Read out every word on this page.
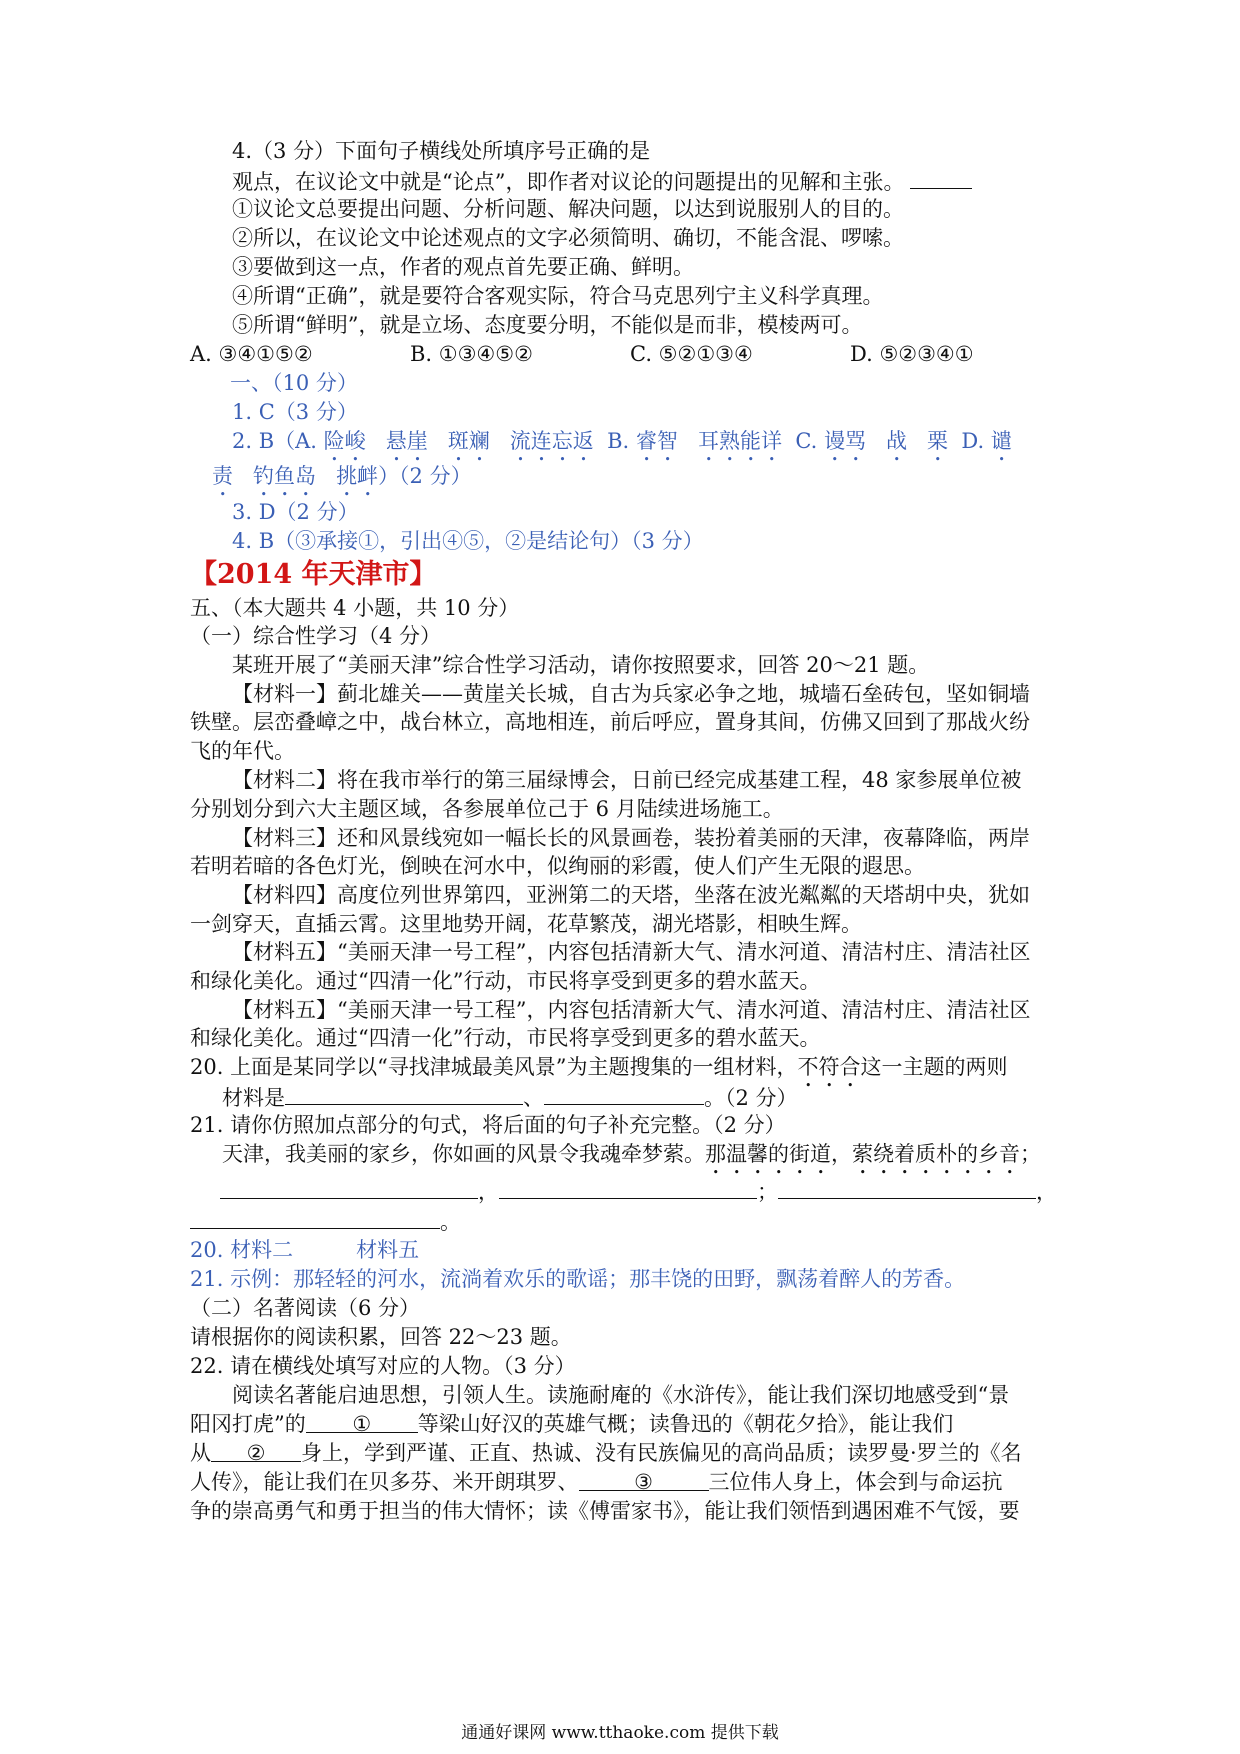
4.（3 分）下面句子横线处所填序号正确的是
观点，在议论文中就是“论点”，即作者对议论的问题提出的见解和主张。
①议论文总要提出问题、分析问题、解决问题，以达到说服别人的目的。
②所以，在议论文中论述观点的文字必须简明、确切，不能含混、啰嗦。
③要做到这一点，作者的观点首先要正确、鲜明。
④所谓“正确”，就是要符合客观实际，符合马克思列宁主义科学真理。
⑤所谓“鲜明”，就是立场、态度要分明，不能似是而非，模棱两可。
A. ③④①⑤②	B. ①③④⑤②	C. ⑤②①③④	D. ⑤②③④①
一、（10 分）
1. C（3 分）
2. B（A. 险峻 悬崖 斑斓 流连忘返 B. 睿智 耳熟能详 C. 谩骂 战 栗 D. 谴
责 钓鱼岛 挑衅）（2 分）
3. D（2 分）
4. B（③承接①，引出④⑤，②是结论句）（3 分）
【2014 年天津市】
五、（本大题共 4 小题，共 10 分）
（一）综合性学习（4 分）
某班开展了“美丽天津”综合性学习活动，请你按照要求，回答 20～21 题。
【材料一】蓟北雄关——黄崖关长城，自古为兵家必争之地，城墙石垒砖包，坚如铜墙
铁壁。层峦叠嶂之中，战台林立，高地相连，前后呼应，置身其间，仿佛又回到了那战火纷
飞的年代。
【材料二】将在我市举行的第三届绿博会，日前已经完成基建工程，48 家参展单位被
分别划分到六大主题区域，各参展单位己于 6 月陆续进场施工。
【材料三】还和风景线宛如一幅长长的风景画卷，装扮着美丽的天津，夜幕降临，两岸
若明若暗的各色灯光，倒映在河水中，似绚丽的彩霞，使人们产生无限的遐思。
【材料四】高度位列世界第四，亚洲第二的天塔，坐落在波光粼粼的天塔胡中央，犹如
一剑穿天，直插云霄。这里地势开阔，花草繁茂，湖光塔影，相映生辉。
【材料五】“美丽天津一号工程”，内容包括清新大气、清水河道、清洁村庄、清洁社区
和绿化美化。通过“四清一化”行动，市民将享受到更多的碧水蓝天。
【材料五】“美丽天津一号工程”，内容包括清新大气、清水河道、清洁村庄、清洁社区
和绿化美化。通过“四清一化”行动，市民将享受到更多的碧水蓝天。
20. 上面是某同学以“寻找津城最美风景”为主题搜集的一组材料，不符合这一主题的两则
材料是	、	。（2 分）
21. 请你仿照加点部分的句式，将后面的句子补充完整。（2 分）
天津，我美丽的家乡，你如画的风景令我魂牵梦萦。那温馨的街道，萦绕着质朴的乡音；
，	；	，
。
20. 材料二　　　材料五
21. 示例：那轻轻的河水，流淌着欢乐的歌谣；那丰饶的田野，飘荡着醉人的芳香。
（二）名著阅读（6 分）
请根据你的阅读积累，回答 22～23 题。
22. 请在横线处填写对应的人物。（3 分）
阅读名著能启迪思想，引领人生。读施耐庵的《水浒传》，能让我们深切地感受到“景
阳冈打虎”的 ① 等梁山好汉的英雄气概；读鲁迅的《朝花夕拾》，能让我们
从 ② 身上，学到严谨、正直、热诚、没有民族偏见的高尚品质；读罗曼·罗兰的《名
人传》，能让我们在贝多芬、米开朗琪罗、	③	三位伟人身上，体会到与命运抗
争的崇高勇气和勇于担当的伟大情怀；读《傅雷家书》，能让我们领悟到遇困难不气馁，要
通通好课网 www.tthaoke.com 提供下载
